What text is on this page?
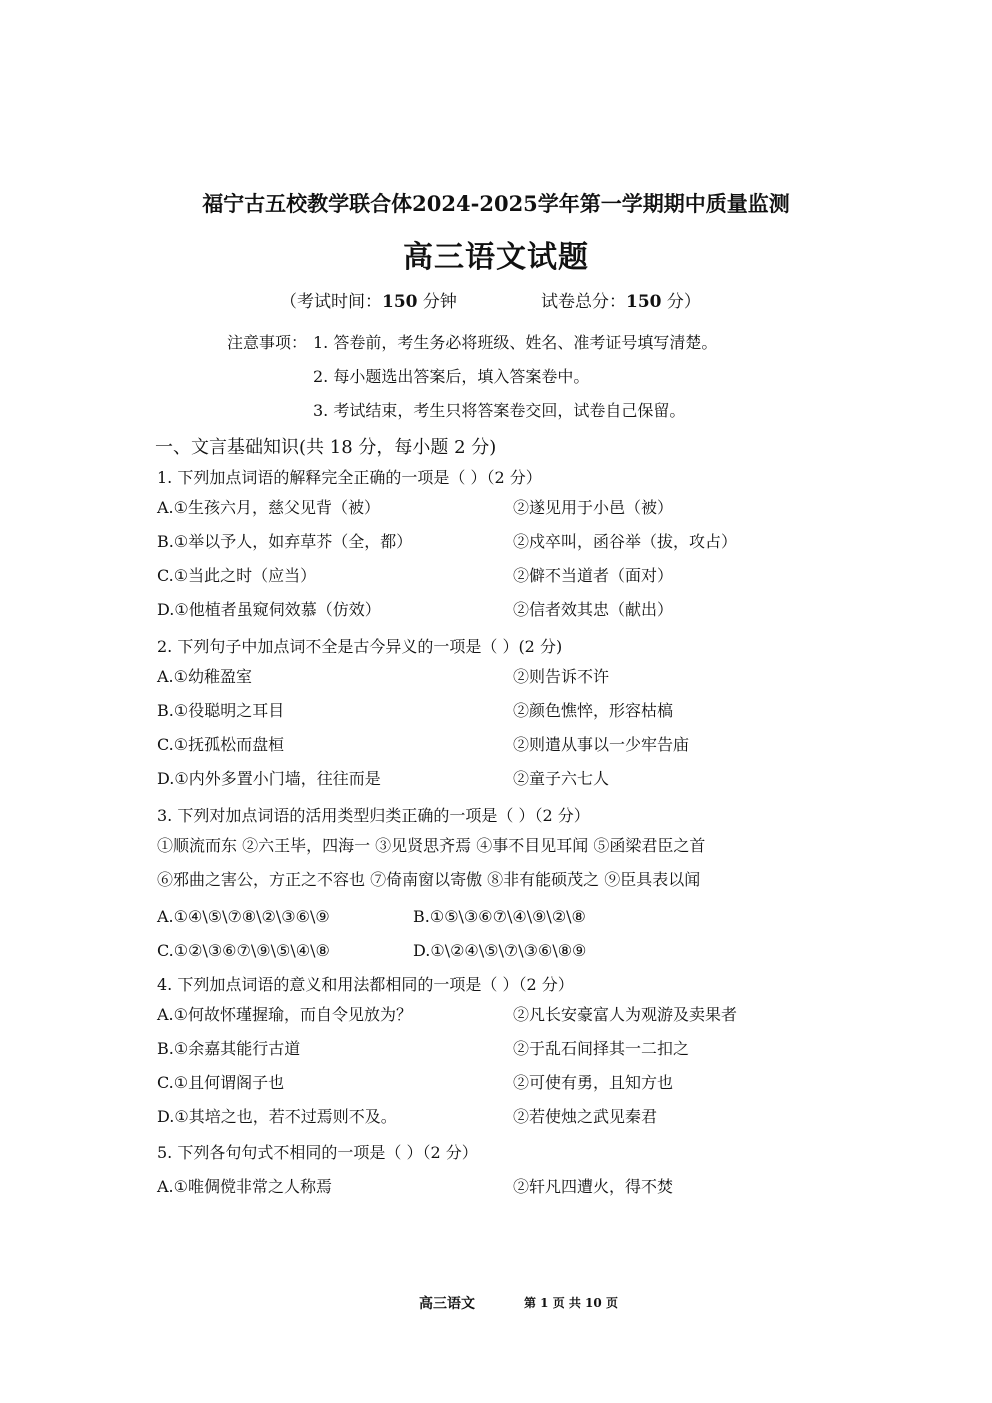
福宁古五校教学联合体2024-2025学年第一学期期中质量监测
高三语文试题
（考试时间：150 分钟	试卷总分：150 分）
注意事项： 1. 答卷前，考生务必将班级、姓名、准考证号填写清楚。
2. 每小题选出答案后，填入答案卷中。
3. 考试结束，考生只将答案卷交回，试卷自己保留。
一、文言基础知识(共 18 分，每小题 2 分)
1. 下列加点词语的解释完全正确的一项是（ ）（2 分）
A.①生孩六月，慈父见背（被）	②遂见用于小邑（被）
B.①举以予人，如弃草芥（全，都）	②戍卒叫，函谷举（拔，攻占）
C.①当此之时（应当）	②僻不当道者（面对）
D.①他植者虽窥伺效慕（仿效）	②信者效其忠（献出）
2. 下列句子中加点词不全是古今异义的一项是（ ）(2 分)
A.①幼稚盈室	②则告诉不许
B.①役聪明之耳目	②颜色憔悴，形容枯槁
C.①抚孤松而盘桓	②则遣从事以一少牢告庙
D.①内外多置小门墙，往往而是	②童子六七人
3. 下列对加点词语的活用类型归类正确的一项是（ ）（2 分）
①顺流而东 ②六王毕，四海一 ③见贤思齐焉 ④事不目见耳闻 ⑤函梁君臣之首
⑥邪曲之害公，方正之不容也 ⑦倚南窗以寄傲 ⑧非有能硕茂之 ⑨臣具表以闻
A.①④\⑤\⑦⑧\②\③⑥\⑨	B.①⑤\③⑥⑦\④\⑨\②\⑧
C.①②\③⑥⑦\⑨\⑤\④\⑧	D.①\②④\⑤\⑦\③⑥\⑧⑨
4. 下列加点词语的意义和用法都相同的一项是（ ）（2 分）
A.①何故怀瑾握瑜，而自令见放为？	②凡长安豪富人为观游及卖果者
B.①余嘉其能行古道	②于乱石间择其一二扣之
C.①且何谓阁子也	②可使有勇，且知方也
D.①其培之也，若不过焉则不及。	②若使烛之武见秦君
5. 下列各句句式不相同的一项是（ ）（2 分）
A.①唯倜傥非常之人称焉	②轩凡四遭火，得不焚
高三语文	第 1 页 共 10 页
